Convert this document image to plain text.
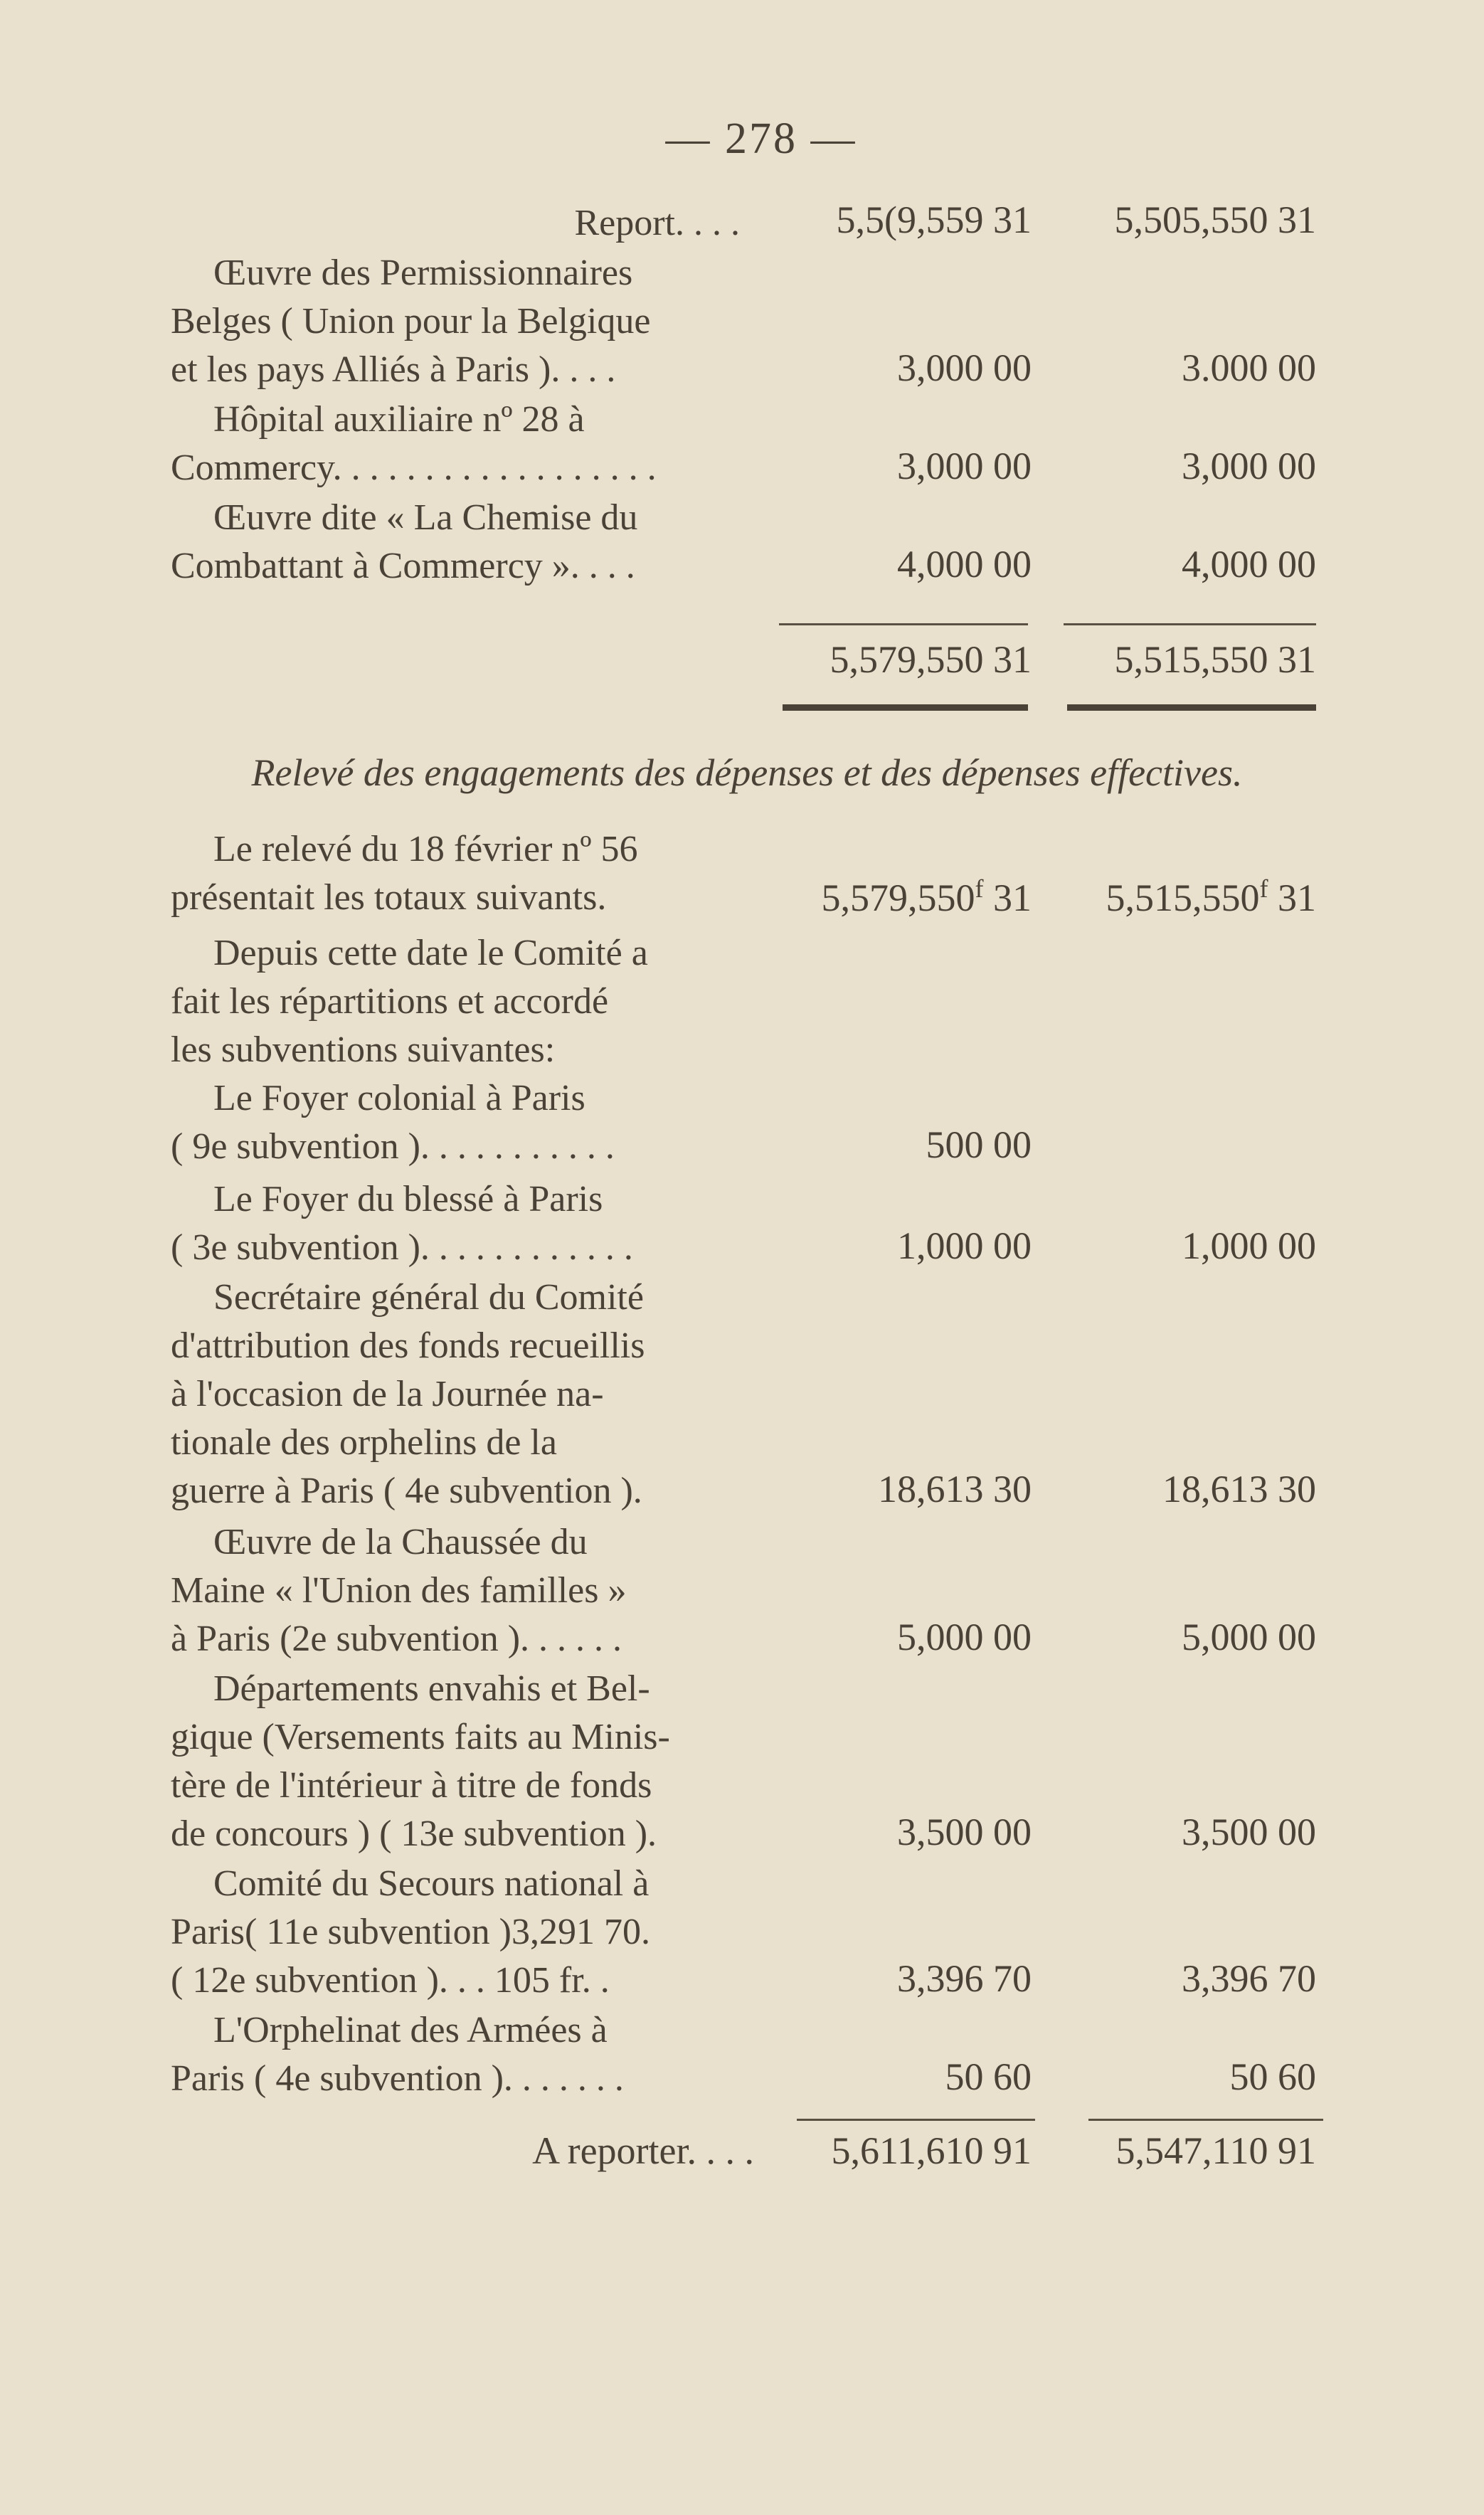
— 278 —
Report. . . .	5,5(9,559 31	5,505,550 31
Œuvre des Permissionnaires
Belges ( Union pour la Belgique
et les pays Alliés à Paris ). . . .	3,000 00	3.000 00
Hôpital auxiliaire nº 28 à
Commercy. . . . . . . . . . . . . . . . . .	3,000 00	3,000 00
Œuvre dite « La Chemise du
Combattant à Commercy ». . . .	4,000 00	4,000 00
5,579,550 31	5,515,550 31
Relevé des engagements des dépenses et des dépenses effectives.
Le relevé du 18 février nº 56
présentait les totaux suivants.	5,579,550$^f$ 31	5,515,550$^f$ 31
Depuis cette date le Comité a
fait les répartitions et accordé
les subventions suivantes:
Le Foyer colonial à Paris
( 9e subvention ). . . . . . . . . . .	500 00
Le Foyer du blessé à Paris
( 3e subvention ). . . . . . . . . . . .	1,000 00	1,000 00
Secrétaire général du Comité
d'attribution des fonds recueillis
à l'occasion de la Journée na-
tionale des orphelins de la
guerre à Paris ( 4e subvention ).	18,613 30	18,613 30
Œuvre de la Chaussée du
Maine « l'Union des familles »
à Paris (2e subvention ). . . . . .	5,000 00	5,000 00
Départements envahis et Bel-
gique (Versements faits au Minis-
tère de l'intérieur à titre de fonds
de concours ) ( 13e subvention ).	3,500 00	3,500 00
Comité du Secours national à
Paris( 11e subvention )3,291 70.
( 12e subvention ). . . 105 fr. .	3,396 70	3,396 70
L'Orphelinat des Armées à
Paris ( 4e subvention ). . . . . . .	50 60	50 60
A reporter. . . .	5,611,610 91	5,547,110 91
